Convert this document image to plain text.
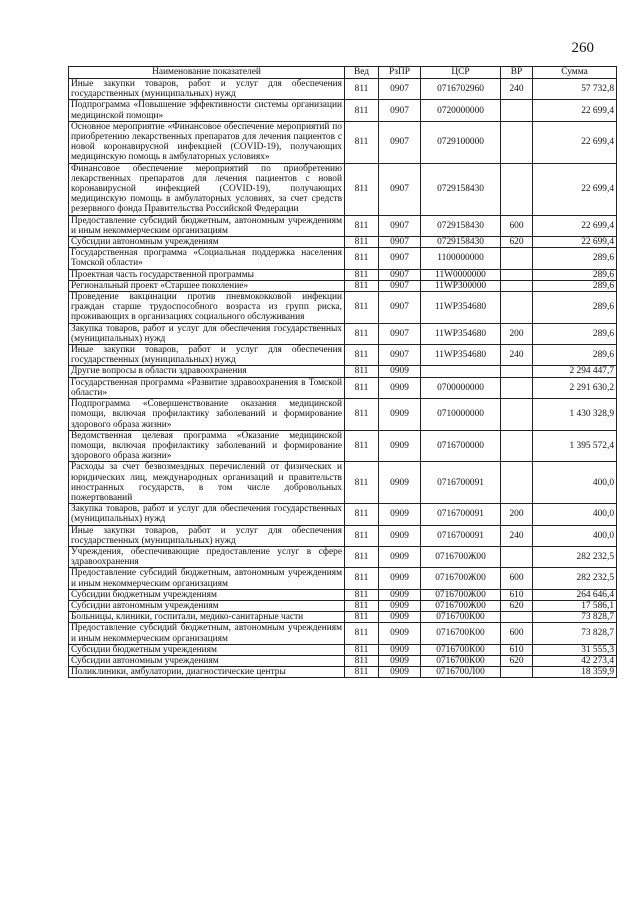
260
Наименование показателей	Вед	РзПР	ЦСР	ВР	Сумма
Иные закупки товаров, работ и услуг для обеспечения государственных (муниципальных) нужд	811	0907	0716702960	240	57 732,8
Подпрограмма «Повышение эффективности системы организации медицинской помощи»	811	0907	0720000000		22 699,4
Основное мероприятие «Финансовое обеспечение мероприятий по приобретению лекарственных препаратов для лечения пациентов с новой коронавирусной инфекцией (COVID-19), получающих медицинскую помощь в амбулаторных условиях»	811	0907	0729100000		22 699,4
Финансовое обеспечение мероприятий по приобретению лекарственных препаратов для лечения пациентов с новой коронавирусной инфекцией (COVID-19), получающих медицинскую помощь в амбулаторных условиях, за счет средств резервного фонда Правительства Российской Федерации	811	0907	0729158430		22 699,4
Предоставление субсидий бюджетным, автономным учреждениям и иным некоммерческим организациям	811	0907	0729158430	600	22 699,4
Субсидии автономным учреждениям	811	0907	0729158430	620	22 699,4
Государственная программа «Социальная поддержка населения Томской области»	811	0907	1100000000		289,6
Проектная часть государственной программы	811	0907	11W0000000		289,6
Региональный проект «Старшее поколение»	811	0907	11WP300000		289,6
Проведение вакцинации против пневмококковой инфекции граждан старше трудоспособного возраста из групп риска, проживающих в организациях социального обслуживания	811	0907	11WP354680		289,6
Закупка товаров, работ и услуг для обеспечения государственных (муниципальных) нужд	811	0907	11WP354680	200	289,6
Иные закупки товаров, работ и услуг для обеспечения государственных (муниципальных) нужд	811	0907	11WP354680	240	289,6
Другие вопросы в области здравоохранения	811	0909			2 294 447,7
Государственная программа «Развитие здравоохранения в Томской области»	811	0909	0700000000		2 291 630,2
Подпрограмма «Совершенствование оказания медицинской помощи, включая профилактику заболеваний и формирование здорового образа жизни»	811	0909	0710000000		1 430 328,9
Ведомственная целевая программа «Оказание медицинской помощи, включая профилактику заболеваний и формирование здорового образа жизни»	811	0909	0716700000		1 395 572,4
Расходы за счет безвозмездных перечислений от физических и юридических лиц, международных организаций и правительств иностранных государств, в том числе добровольных пожертвований	811	0909	0716700091		400,0
Закупка товаров, работ и услуг для обеспечения государственных (муниципальных) нужд	811	0909	0716700091	200	400,0
Иные закупки товаров, работ и услуг для обеспечения государственных (муниципальных) нужд	811	0909	0716700091	240	400,0
Учреждения, обеспечивающие предоставление услуг в сфере здравоохранения	811	0909	0716700Ж00		282 232,5
Предоставление субсидий бюджетным, автономным учреждениям и иным некоммерческим организациям	811	0909	0716700Ж00	600	282 232,5
Субсидии бюджетным учреждениям	811	0909	0716700Ж00	610	264 646,4
Субсидии автономным учреждениям	811	0909	0716700Ж00	620	17 586,1
Больницы, клиники, госпитали, медико-санитарные части	811	0909	0716700К00		73 828,7
Предоставление субсидий бюджетным, автономным учреждениям и иным некоммерческим организациям	811	0909	0716700К00	600	73 828,7
Субсидии бюджетным учреждениям	811	0909	0716700К00	610	31 555,3
Субсидии автономным учреждениям	811	0909	0716700К00	620	42 273,4
Поликлиники, амбулатории, диагностические центры	811	0909	0716700Л00		18 359,9
